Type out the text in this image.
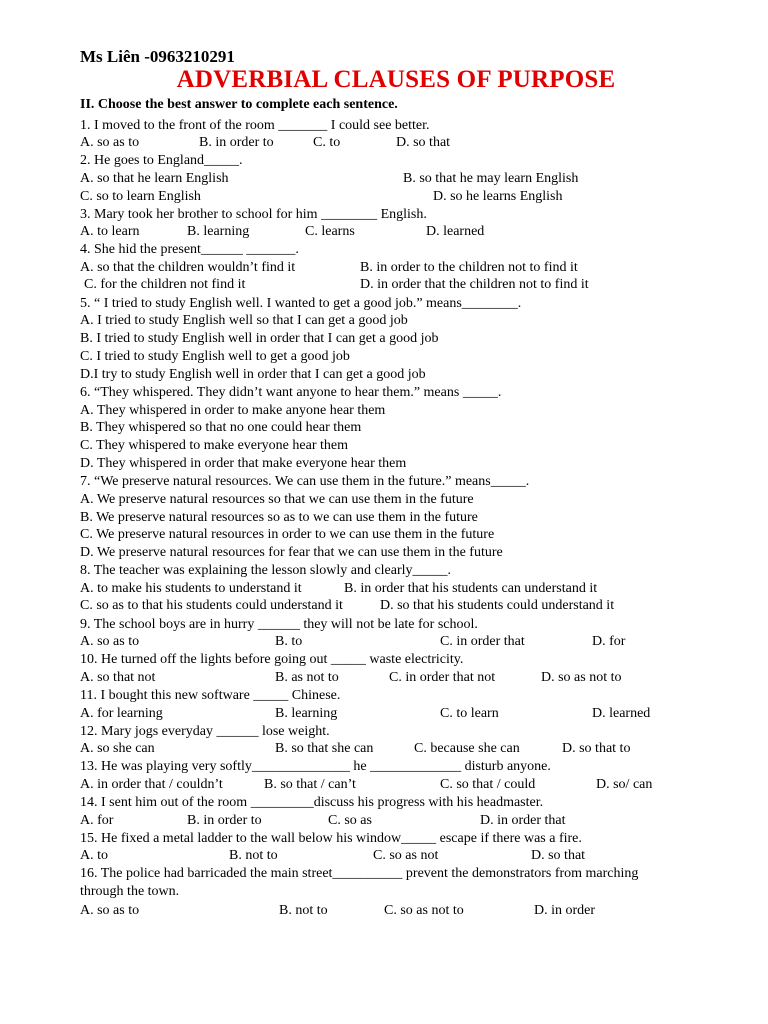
Ms Liên -0963210291
ADVERBIAL CLAUSES OF PURPOSE
II. Choose the best answer to complete each sentence.
1. I moved to the front of the room _______ I could see better.
A. so as to	B. in order to	C. to	D. so that
2. He goes to England_____.
A. so that he learn English	B. so that he may learn English
C. so to learn English	D. so he learns English
3. Mary took her brother to school for him ________ English.
A. to learn	B. learning	C. learns	D. learned
4. She hid the present______ _______.
A. so that the children wouldn’t find it	B. in order to the children not to find it
C. for the children not find it	D. in order that the children not to find it
5. “ I tried to study English well. I wanted to get a good job.” means________.
A. I tried to study English well so that I can get a good job
B. I tried to study English well in order that I can get a good job
C. I tried to study English well to get a good job
D.I try to study English well in order that I can get a good job
6. “They whispered. They didn’t want anyone to hear them.” means _____.
A. They whispered in order to make anyone hear them
B. They whispered so that no one could hear them
C. They whispered to make everyone hear them
D. They whispered in order that make everyone hear them
7. “We preserve natural resources. We can use them in the future.” means_____.
A. We preserve natural resources so that we can use them in the future
B. We preserve natural resources so as to we can use them in the future
C. We preserve natural resources in order to we can use them in the future
D. We preserve natural resources for fear that we can use them in the future
8. The teacher was explaining the lesson slowly and clearly_____.
A. to make his students to understand it	B. in order that his students can understand it
C. so as to that his students could understand it	D. so that his students could understand it
9. The school boys are in hurry ______ they will not be late for school.
A. so as to	B. to	C. in order that	D. for
10. He turned off the lights before going out _____ waste electricity.
A. so that not	B. as not to	C. in order that not	D. so as not to
11. I bought this new software _____ Chinese.
A. for learning	B. learning	C. to learn	D. learned
12. Mary jogs everyday ______ lose weight.
A. so she can	B. so that she can	C. because she can	D. so that to
13. He was playing very softly______________ he _____________ disturb anyone.
A. in order that / couldn’t	B. so that / can’t	C. so that / could	D. so/ can
14. I sent him out of the room _________discuss his progress with his headmaster.
A. for	B. in order to	C. so as	D. in order that
15. He fixed a metal ladder to the wall below his window_____ escape if there was a fire.
A. to	B. not to	C. so as not	D. so that
16. The police had barricaded the main street__________ prevent the demonstrators from marching
through the town.
A. so as to	B. not to	C. so as not to	D. in order
